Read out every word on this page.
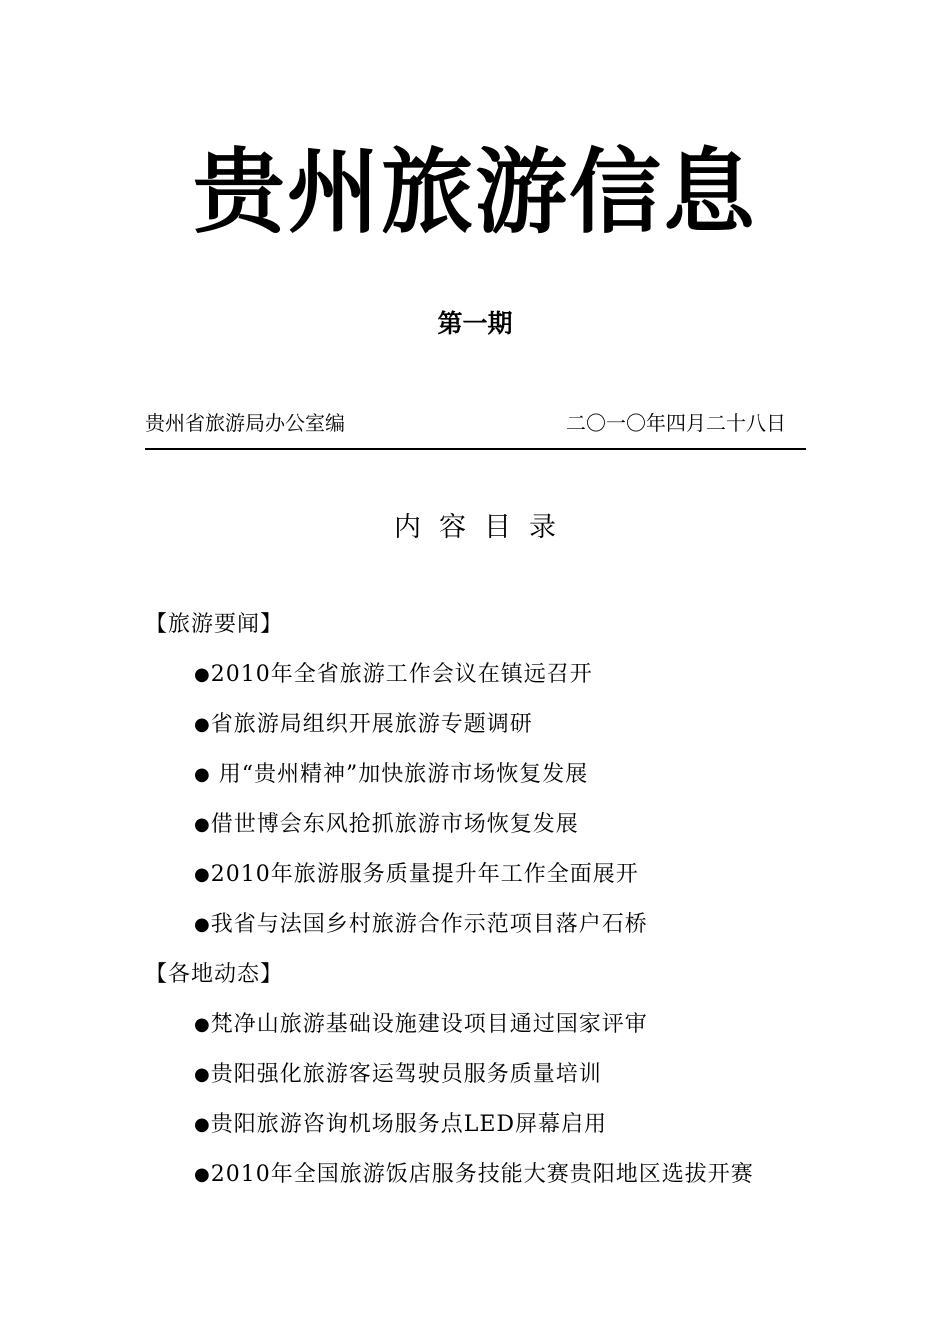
贵州旅游信息
第一期
贵州省旅游局办公室编	二〇一〇年四月二十八日
内容目录
【旅游要闻】
●2010年全省旅游工作会议在镇远召开
●省旅游局组织开展旅游专题调研
● 用“贵州精神”加快旅游市场恢复发展
●借世博会东风抢抓旅游市场恢复发展
●2010年旅游服务质量提升年工作全面展开
●我省与法国乡村旅游合作示范项目落户石桥
【各地动态】
●梵净山旅游基础设施建设项目通过国家评审
●贵阳强化旅游客运驾驶员服务质量培训
●贵阳旅游咨询机场服务点LED屏幕启用
●2010年全国旅游饭店服务技能大赛贵阳地区选拔开赛
